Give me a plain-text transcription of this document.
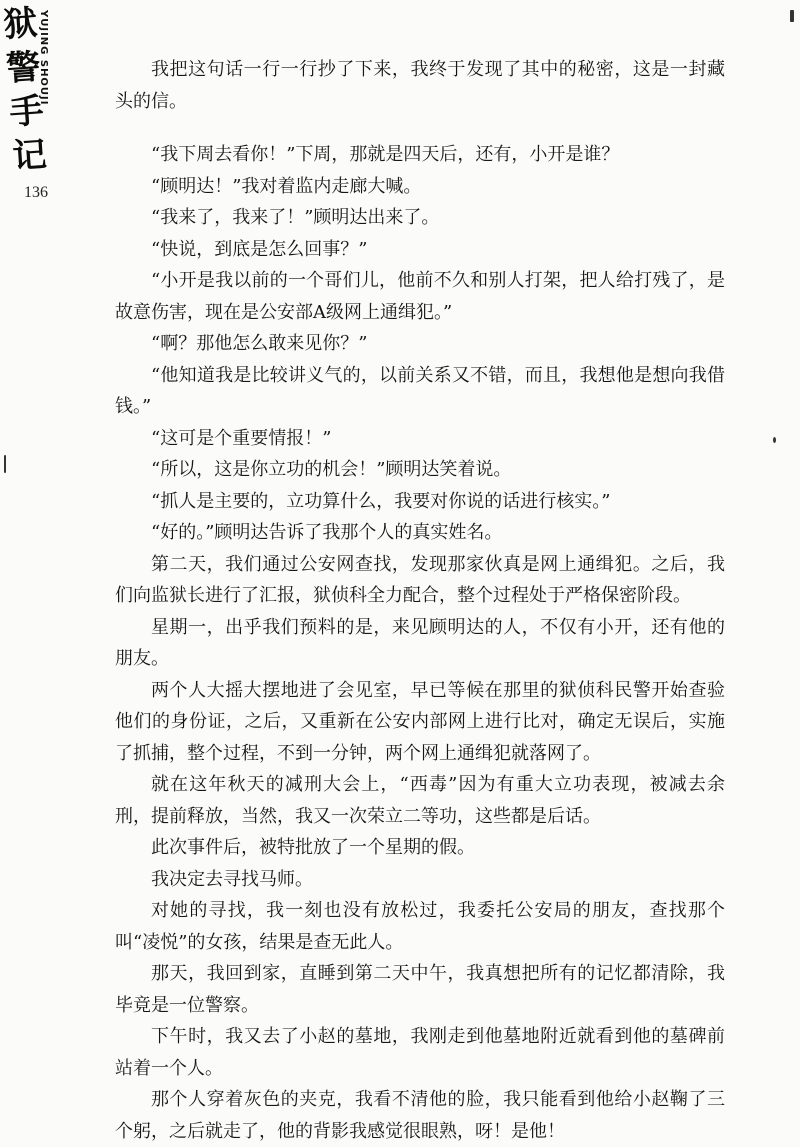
狱警手记
YUJING SHOUJI
136

我把这句话一行一行抄了下来，我终于发现了其中的秘密，这是一封藏头的信。

“我下周去看你！”下周，那就是四天后，还有，小开是谁？

“顾明达！”我对着监内走廊大喊。

“我来了，我来了！”顾明达出来了。

“快说，到底是怎么回事？”

“小开是我以前的一个哥们儿，他前不久和别人打架，把人给打残了，是故意伤害，现在是公安部A级网上通缉犯。”

“啊？那他怎么敢来见你？”

“他知道我是比较讲义气的，以前关系又不错，而且，我想他是想向我借钱。”

“这可是个重要情报！”

“所以，这是你立功的机会！”顾明达笑着说。

“抓人是主要的，立功算什么，我要对你说的话进行核实。”

“好的。”顾明达告诉了我那个人的真实姓名。

第二天，我们通过公安网查找，发现那家伙真是网上通缉犯。之后，我们向监狱长进行了汇报，狱侦科全力配合，整个过程处于严格保密阶段。

星期一，出乎我们预料的是，来见顾明达的人，不仅有小开，还有他的朋友。

两个人大摇大摆地进了会见室，早已等候在那里的狱侦科民警开始查验他们的身份证，之后，又重新在公安内部网上进行比对，确定无误后，实施了抓捕，整个过程，不到一分钟，两个网上通缉犯就落网了。

就在这年秋天的减刑大会上，“西毒”因为有重大立功表现，被减去余刑，提前释放，当然，我又一次荣立二等功，这些都是后话。

此次事件后，被特批放了一个星期的假。

我决定去寻找马师。

对她的寻找，我一刻也没有放松过，我委托公安局的朋友，查找那个叫“凌悦”的女孩，结果是查无此人。

那天，我回到家，直睡到第二天中午，我真想把所有的记忆都清除，我毕竟是一位警察。

下午时，我又去了小赵的墓地，我刚走到他墓地附近就看到他的墓碑前站着一个人。

那个人穿着灰色的夹克，我看不清他的脸，我只能看到他给小赵鞠了三个躬，之后就走了，他的背影我感觉很眼熟，呀！是他！
